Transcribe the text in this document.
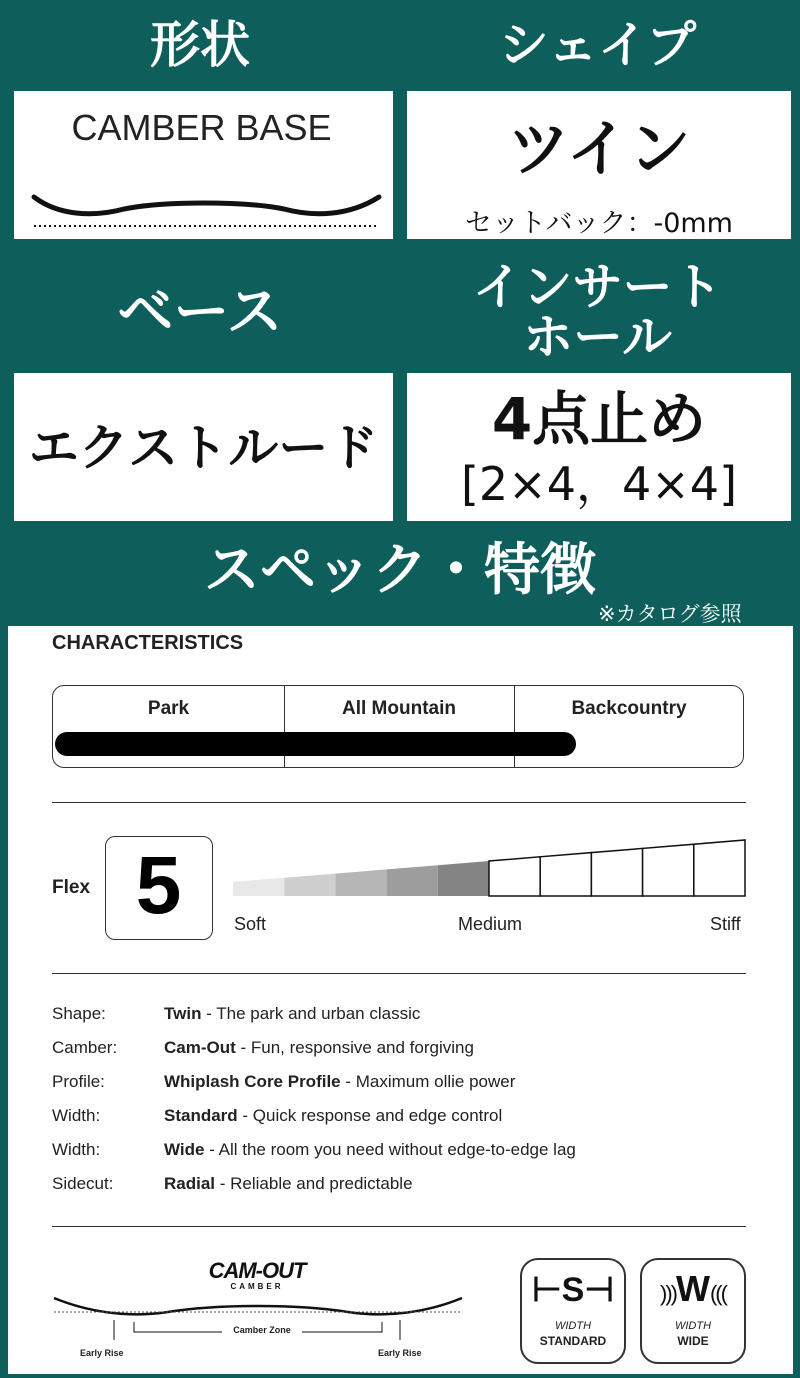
形状	シェイプ
CAMBER BASE	ツイン
セットバック：-0mm
ベース	インサート
ホール
エクストルード	4点止め
[2×4，4×4]
スペック・特徴
※カタログ参照
CHARACTERISTICS
Park	All Mountain	Backcountry
Flex 5	Soft	Medium	Stiff
Shape:	Twin - The park and urban classic
Camber:	Cam-Out - Fun, responsive and forgiving
Profile:	Whiplash Core Profile - Maximum ollie power
Width:	Standard - Quick response and edge control
Width:	Wide - All the room you need without edge-to-edge lag
Sidecut:	Radial - Reliable and predictable
CAM-OUT
CAMBER
Camber Zone
Early Rise	Early Rise
⊢S⊣
WIDTH
STANDARD
)))W(((
WIDTH
WIDE
